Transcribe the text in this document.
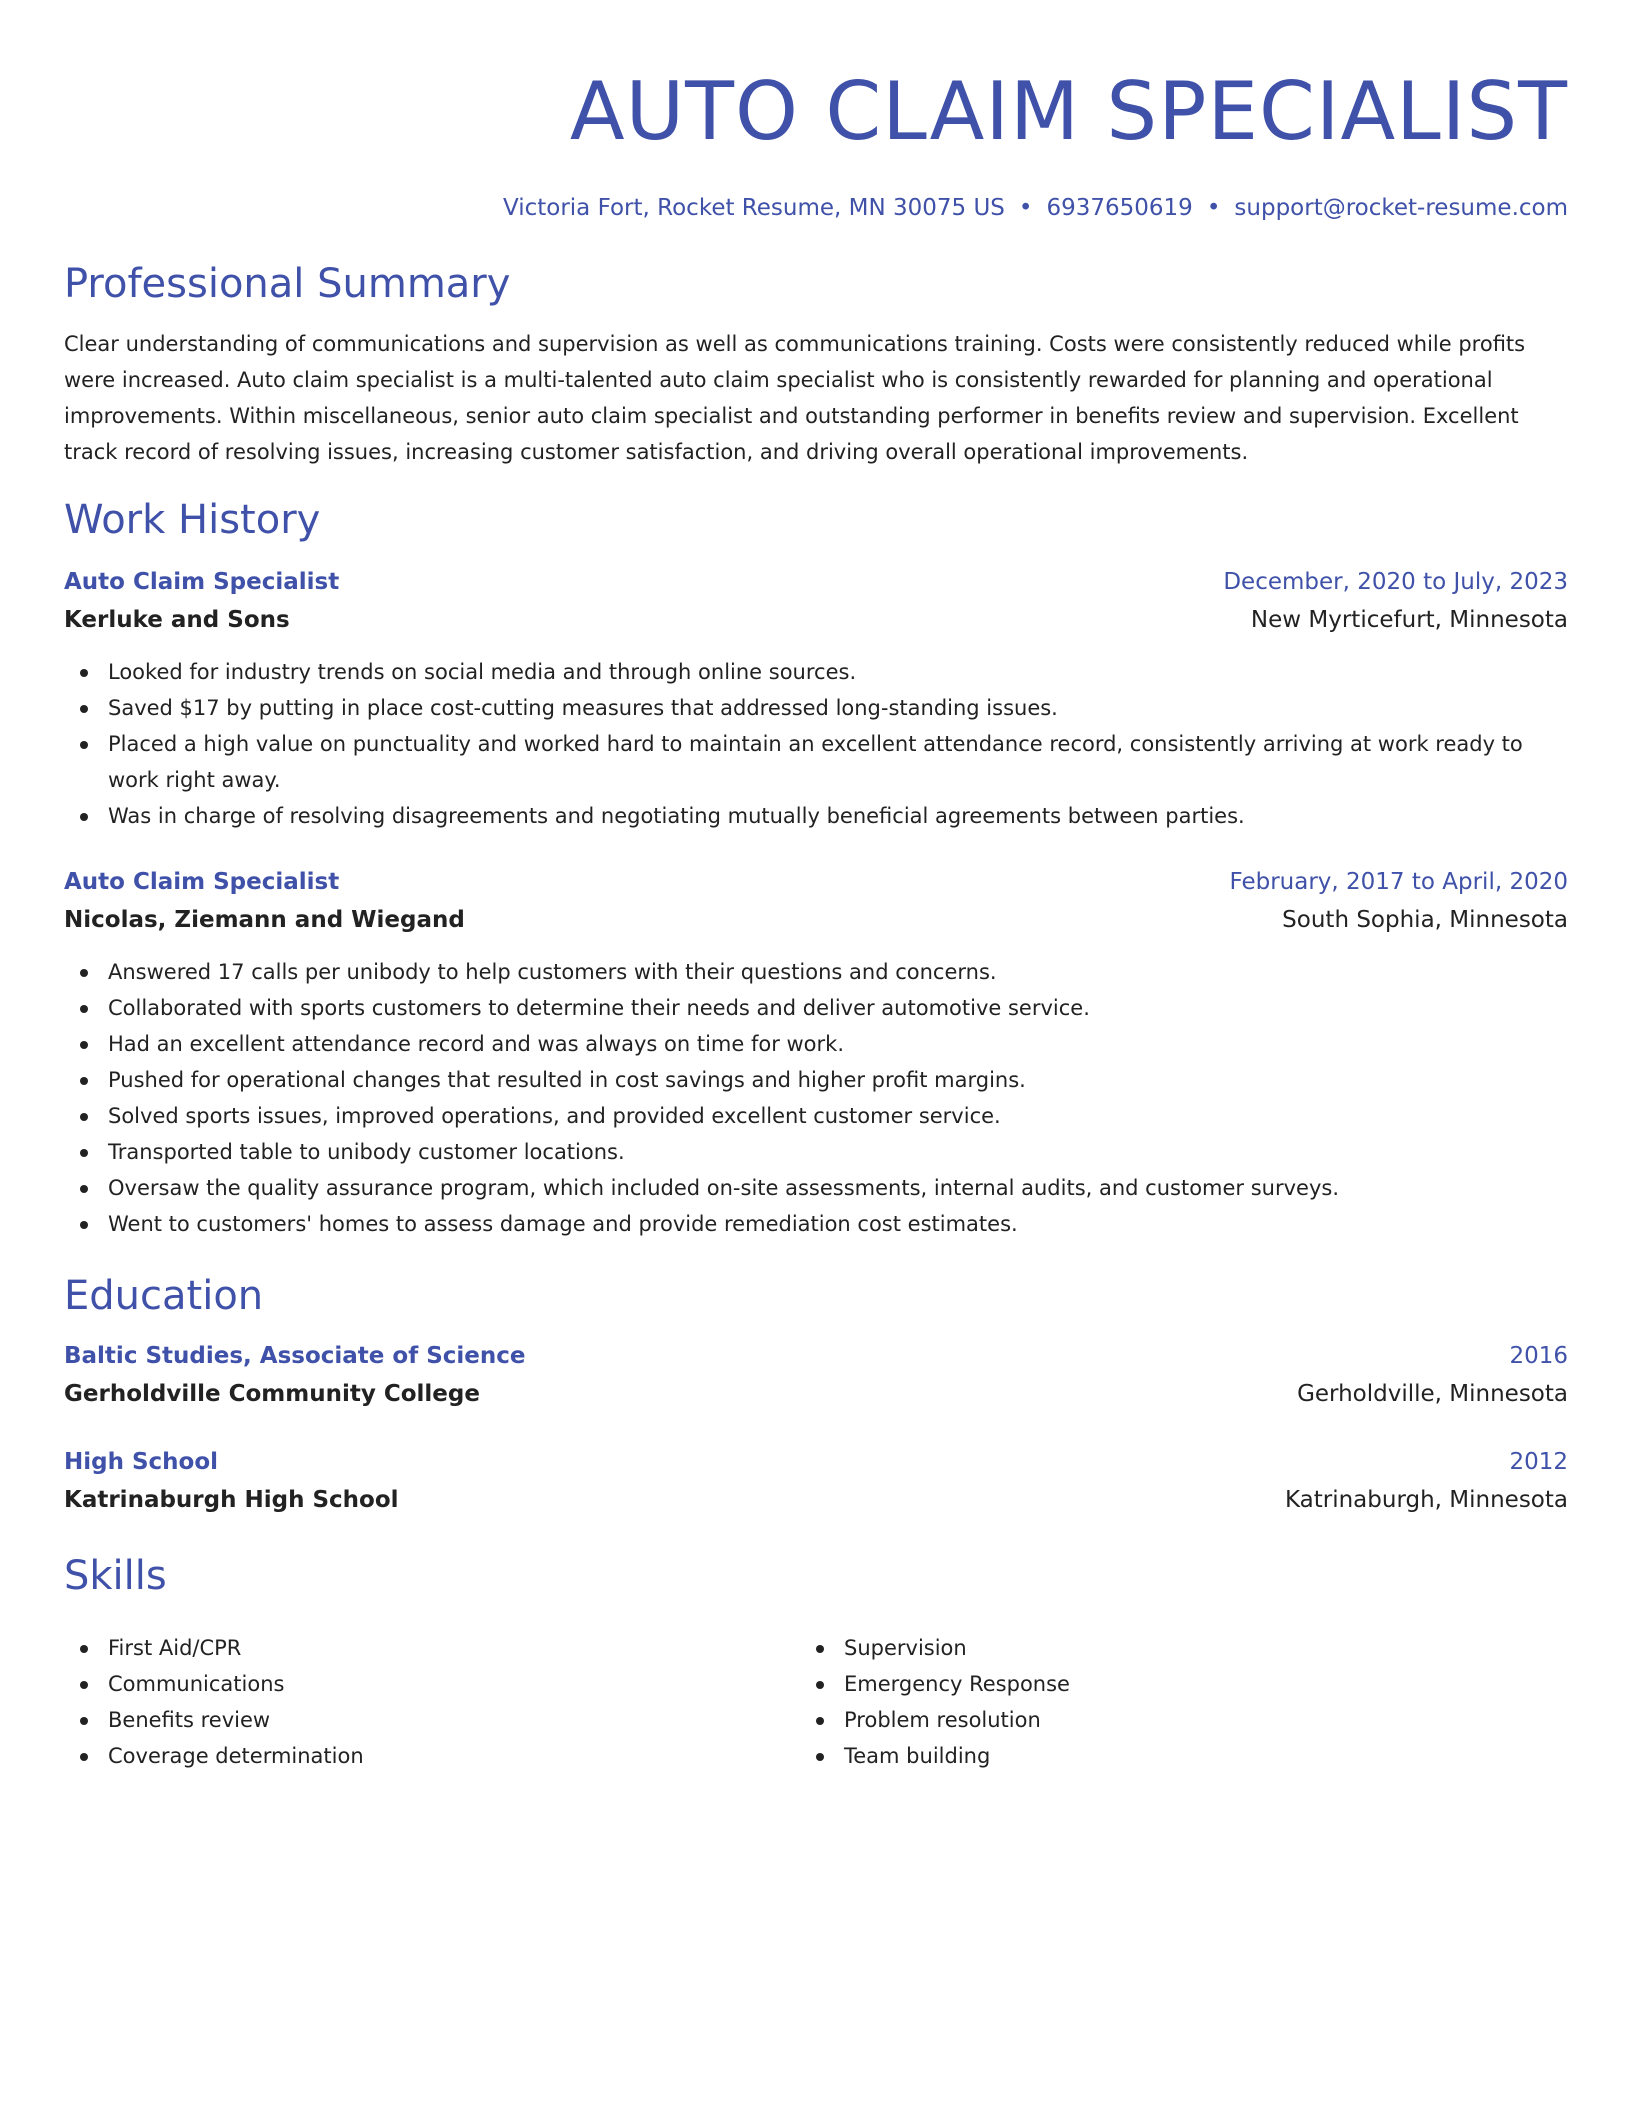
AUTO CLAIM SPECIALIST
Victoria Fort, Rocket Resume, MN 30075 US • 6937650619 • support@rocket-resume.com
Professional Summary

Clear understanding of communications and supervision as well as communications training. Costs were consistently reduced while profits were increased. Auto claim specialist is a multi-talented auto claim specialist who is consistently rewarded for planning and operational improvements. Within miscellaneous, senior auto claim specialist and outstanding performer in benefits review and supervision. Excellent track record of resolving issues, increasing customer satisfaction, and driving overall operational improvements.

Work History
Auto Claim Specialist	December, 2020 to July, 2023
Kerluke and Sons	New Myrticefurt, Minnesota
Looked for industry trends on social media and through online sources.
Saved $17 by putting in place cost-cutting measures that addressed long-standing issues.
Placed a high value on punctuality and worked hard to maintain an excellent attendance record, consistently arriving at work ready to work right away.
Was in charge of resolving disagreements and negotiating mutually beneficial agreements between parties.
Auto Claim Specialist	February, 2017 to April, 2020
Nicolas, Ziemann and Wiegand	South Sophia, Minnesota
Answered 17 calls per unibody to help customers with their questions and concerns.
Collaborated with sports customers to determine their needs and deliver automotive service.
Had an excellent attendance record and was always on time for work.
Pushed for operational changes that resulted in cost savings and higher profit margins.
Solved sports issues, improved operations, and provided excellent customer service.
Transported table to unibody customer locations.
Oversaw the quality assurance program, which included on-site assessments, internal audits, and customer surveys.
Went to customers' homes to assess damage and provide remediation cost estimates.
Education
Baltic Studies, Associate of Science	2016
Gerholdville Community College	Gerholdville, Minnesota
High School	2012
Katrinaburgh High School	Katrinaburgh, Minnesota
Skills
First Aid/CPR
Communications
Benefits review
Coverage determination
Supervision
Emergency Response
Problem resolution
Team building
